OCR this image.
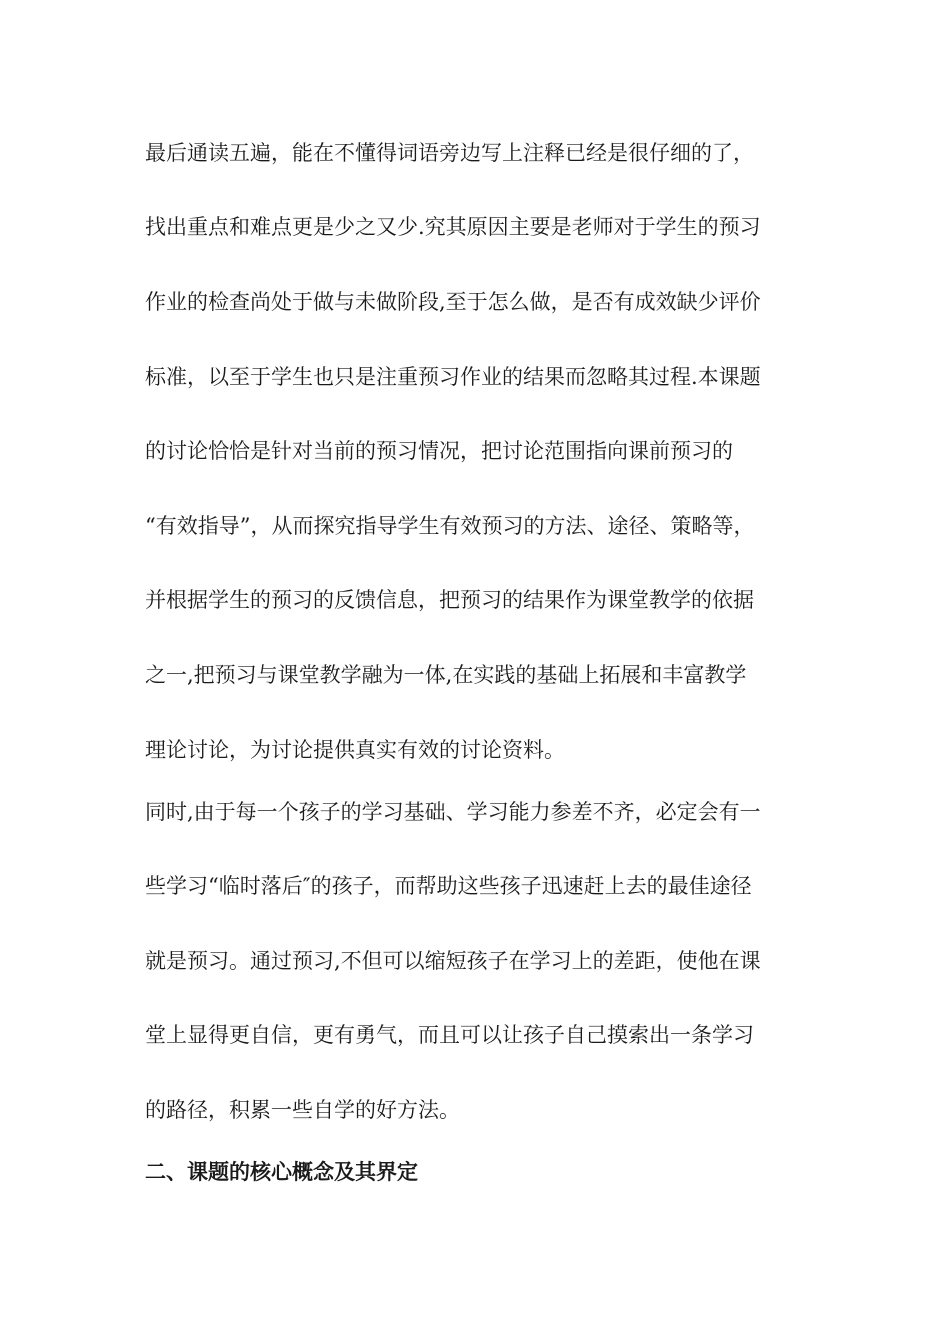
最后通读五遍，能在不懂得词语旁边写上注释已经是很仔细的了，
找出重点和难点更是少之又少.究其原因主要是老师对于学生的预习
作业的检查尚处于做与未做阶段,至于怎么做，是否有成效缺少评价
标准，以至于学生也只是注重预习作业的结果而忽略其过程.本课题
的讨论恰恰是针对当前的预习情况，把讨论范围指向课前预习的
“有效指导”，从而探究指导学生有效预习的方法、途径、策略等，
并根据学生的预习的反馈信息，把预习的结果作为课堂教学的依据
之一,把预习与课堂教学融为一体,在实践的基础上拓展和丰富教学
理论讨论，为讨论提供真实有效的讨论资料。
同时,由于每一个孩子的学习基础、学习能力参差不齐，必定会有一
些学习“临时落后″的孩子，而帮助这些孩子迅速赶上去的最佳途径
就是预习。通过预习,不但可以缩短孩子在学习上的差距，使他在课
堂上显得更自信，更有勇气，而且可以让孩子自己摸索出一条学习
的路径，积累一些自学的好方法。
二、课题的核心概念及其界定
